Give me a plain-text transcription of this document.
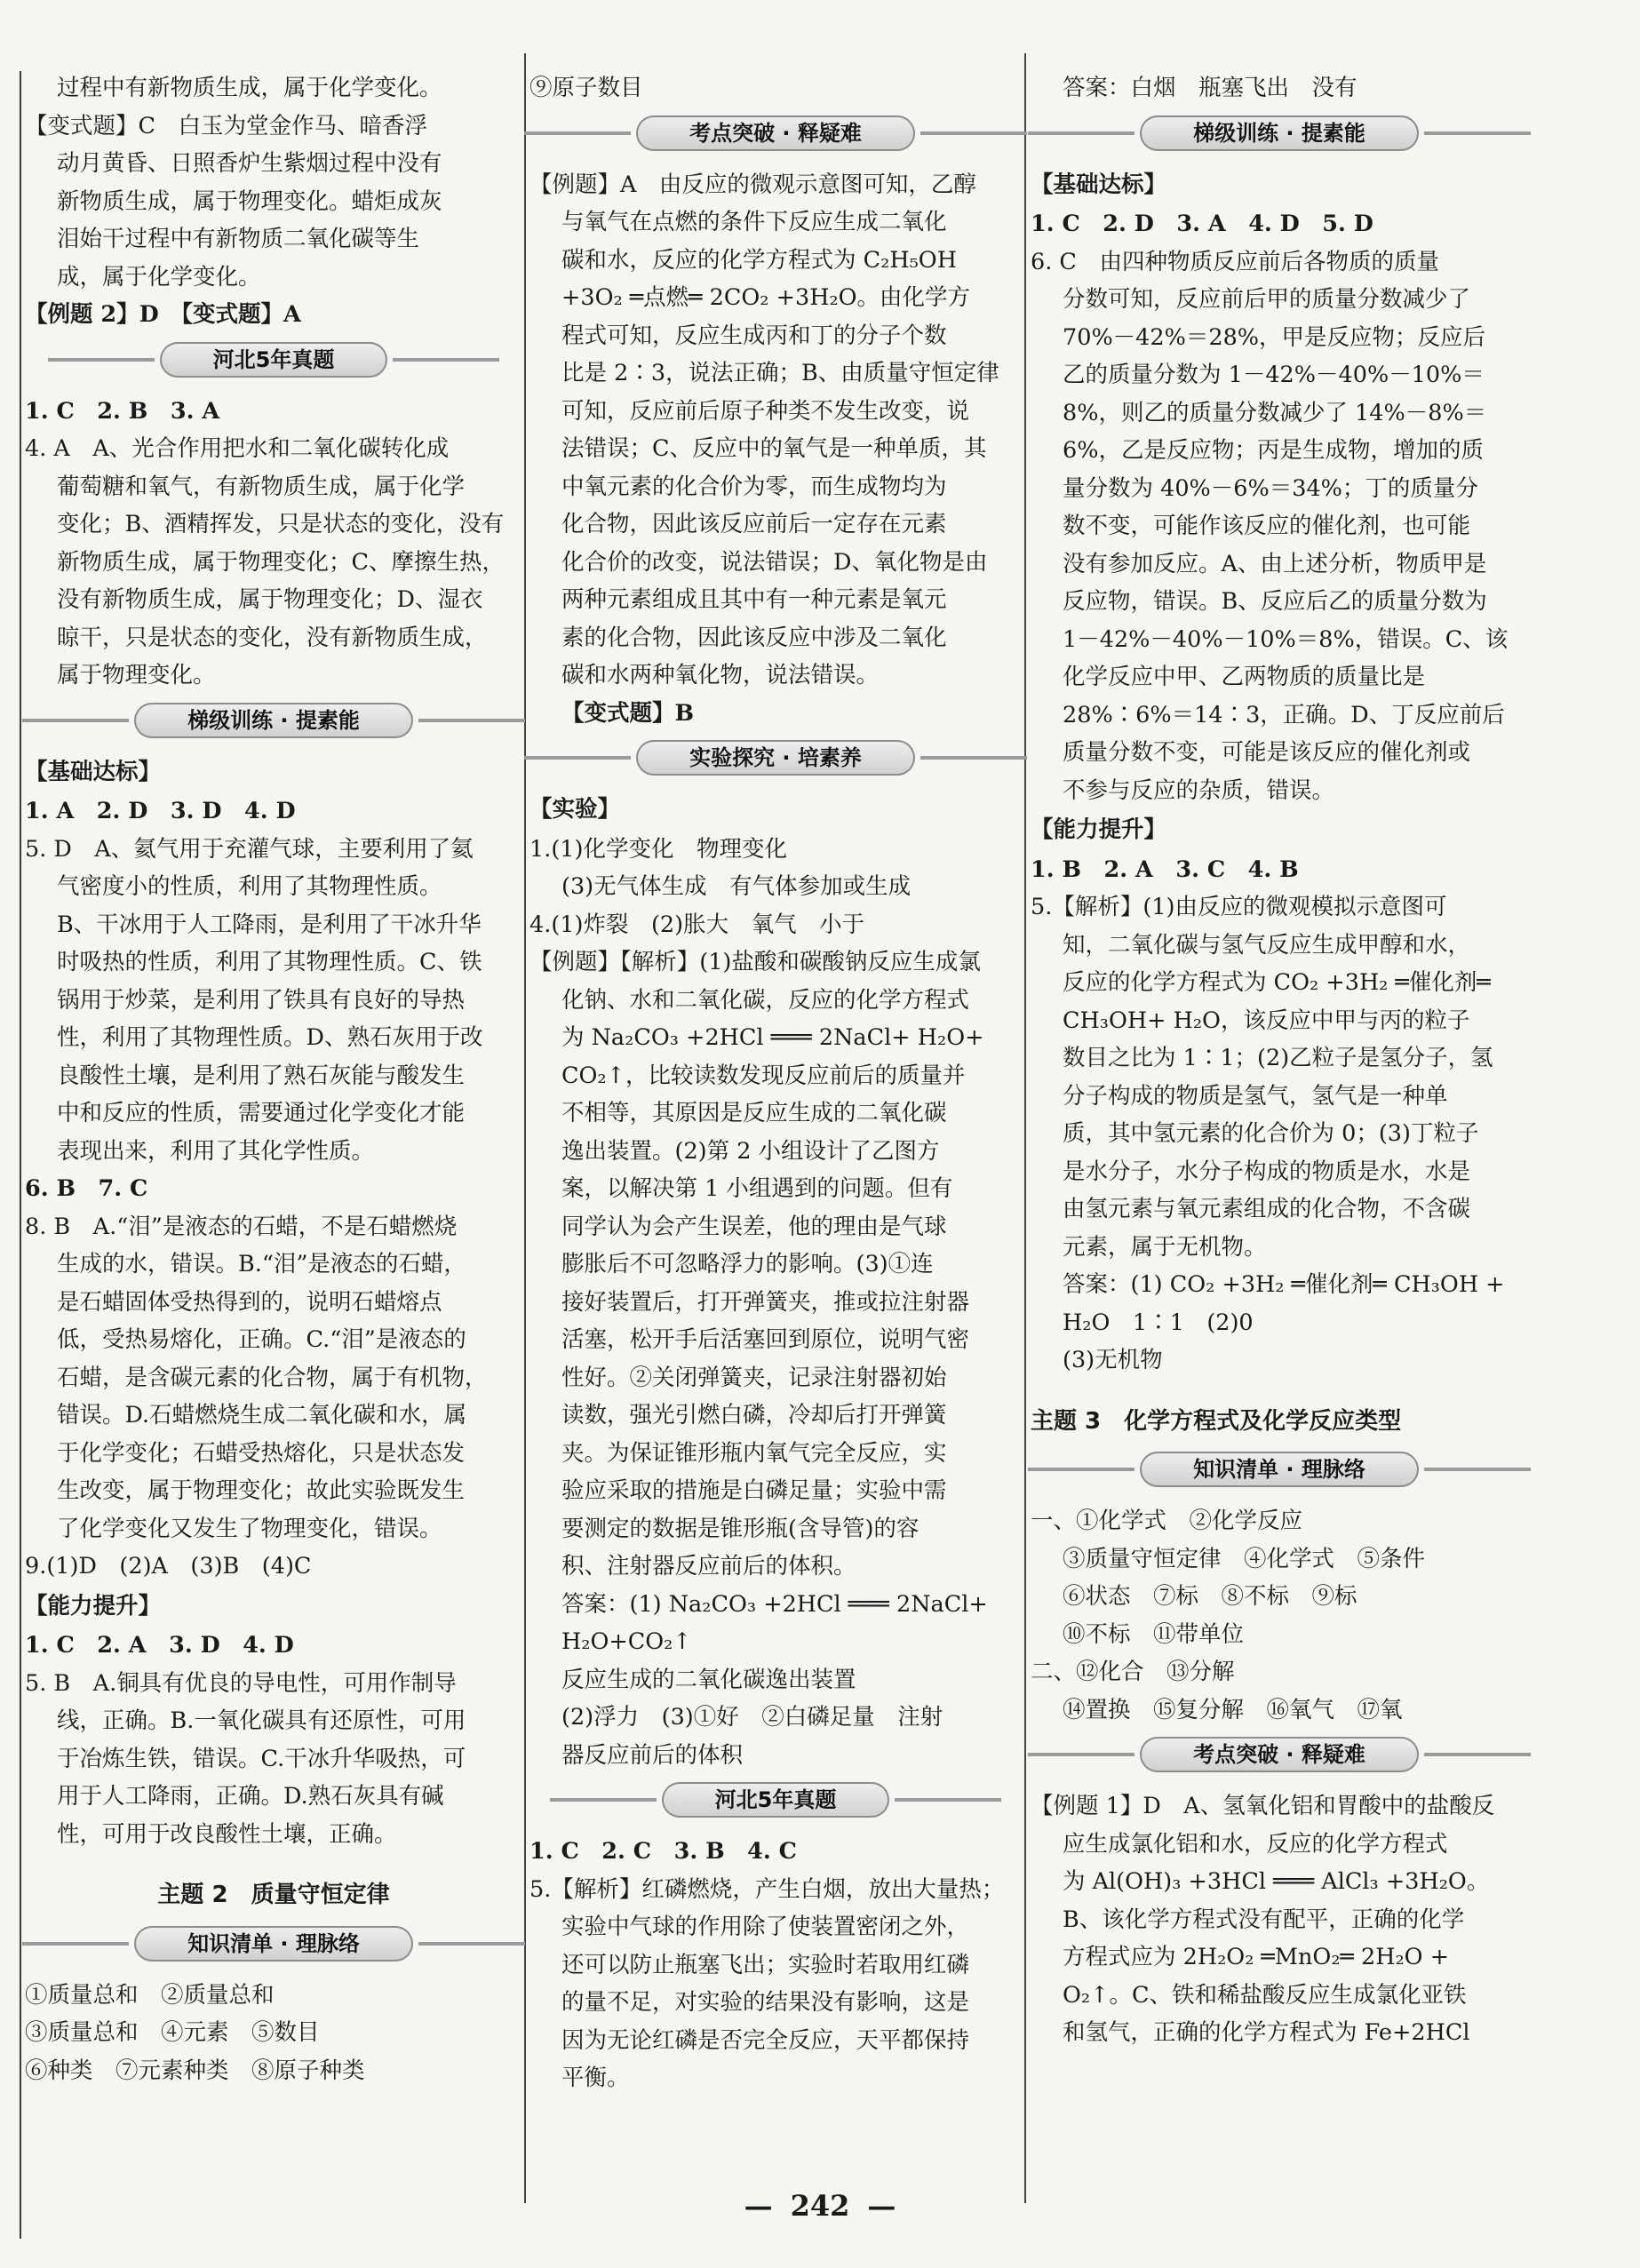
过程中有新物质生成，属于化学变化。

【变式题】C　白玉为堂金作马、暗香浮

动月黄昏、日照香炉生紫烟过程中没有

新物质生成，属于物理变化。蜡炬成灰

泪始干过程中有新物质二氧化碳等生

成，属于化学变化。

【例题 2】D　【变式题】A

河北5年真题

1. C　2. B　3. A

4. A　A、光合作用把水和二氧化碳转化成

葡萄糖和氧气，有新物质生成，属于化学

变化；B、酒精挥发，只是状态的变化，没有

新物质生成，属于物理变化；C、摩擦生热，

没有新物质生成，属于物理变化；D、湿衣

晾干，只是状态的变化，没有新物质生成，

属于物理变化。

梯级训练 · 提素能
【基础达标】

1. A　2. D　3. D　4. D

5. D　A、氦气用于充灌气球，主要利用了氦

气密度小的性质，利用了其物理性质。

B、干冰用于人工降雨，是利用了干冰升华

时吸热的性质，利用了其物理性质。C、铁

锅用于炒菜，是利用了铁具有良好的导热

性，利用了其物理性质。D、熟石灰用于改

良酸性土壤，是利用了熟石灰能与酸发生

中和反应的性质，需要通过化学变化才能

表现出来，利用了其化学性质。

6. B　7. C

8. B　A.“泪”是液态的石蜡，不是石蜡燃烧

生成的水，错误。B.“泪”是液态的石蜡，

是石蜡固体受热得到的，说明石蜡熔点

低，受热易熔化，正确。C.“泪”是液态的

石蜡，是含碳元素的化合物，属于有机物，

错误。D.石蜡燃烧生成二氧化碳和水，属

于化学变化；石蜡受热熔化，只是状态发

生改变，属于物理变化；故此实验既发生

了化学变化又发生了物理变化，错误。

9.(1)D　(2)A　(3)B　(4)C

【能力提升】

1. C　2. A　3. D　4. D

5. B　A.铜具有优良的导电性，可用作制导

线，正确。B.一氧化碳具有还原性，可用

于冶炼生铁，错误。C.干冰升华吸热，可

用于人工降雨，正确。D.熟石灰具有碱

性，可用于改良酸性土壤，正确。

主题 2　质量守恒定律
知识清单 · 理脉络

①质量总和　②质量总和

③质量总和　④元素　⑤数目

⑥种类　⑦元素种类　⑧原子种类

⑨原子数目

考点突破 · 释疑难

【例题】A　由反应的微观示意图可知，乙醇

与氧气在点燃的条件下反应生成二氧化

碳和水，反应的化学方程式为 C₂H₅OH

+3O₂ ═点燃═ 2CO₂ +3H₂O。由化学方

程式可知，反应生成丙和丁的分子个数

比是 2∶3，说法正确；B、由质量守恒定律

可知，反应前后原子种类不发生改变，说

法错误；C、反应中的氧气是一种单质，其

中氧元素的化合价为零，而生成物均为

化合物，因此该反应前后一定存在元素

化合价的改变，说法错误；D、氧化物是由

两种元素组成且其中有一种元素是氧元

素的化合物，因此该反应中涉及二氧化

碳和水两种氧化物，说法错误。

【变式题】B

实验探究 · 培素养
【实验】

1.(1)化学变化　物理变化

(3)无气体生成　有气体参加或生成

4.(1)炸裂　(2)胀大　氧气　小于

【例题】【解析】(1)盐酸和碳酸钠反应生成氯

化钠、水和二氧化碳，反应的化学方程式

为 Na₂CO₃ +2HCl ═══ 2NaCl+ H₂O+

CO₂↑，比较读数发现反应前后的质量并

不相等，其原因是反应生成的二氧化碳

逸出装置。(2)第 2 小组设计了乙图方

案，以解决第 1 小组遇到的问题。但有

同学认为会产生误差，他的理由是气球

膨胀后不可忽略浮力的影响。(3)①连

接好装置后，打开弹簧夹，推或拉注射器

活塞，松开手后活塞回到原位，说明气密

性好。②关闭弹簧夹，记录注射器初始

读数，强光引燃白磷，冷却后打开弹簧

夹。为保证锥形瓶内氧气完全反应，实

验应采取的措施是白磷足量；实验中需

要测定的数据是锥形瓶(含导管)的容

积、注射器反应前后的体积。

答案：(1) Na₂CO₃ +2HCl ═══ 2NaCl+

H₂O+CO₂↑

反应生成的二氧化碳逸出装置

(2)浮力　(3)①好　②白磷足量　注射

器反应前后的体积

河北5年真题

1. C　2. C　3. B　4. C

5.【解析】红磷燃烧，产生白烟，放出大量热；

实验中气球的作用除了使装置密闭之外，

还可以防止瓶塞飞出；实验时若取用红磷

的量不足，对实验的结果没有影响，这是

因为无论红磷是否完全反应，天平都保持

平衡。

答案：白烟　瓶塞飞出　没有

梯级训练 · 提素能
【基础达标】

1. C　2. D　3. A　4. D　5. D

6. C　由四种物质反应前后各物质的质量

分数可知，反应前后甲的质量分数减少了

70%－42%＝28%，甲是反应物；反应后

乙的质量分数为 1－42%－40%－10%＝

8%，则乙的质量分数减少了 14%－8%＝

6%，乙是反应物；丙是生成物，增加的质

量分数为 40%－6%＝34%；丁的质量分

数不变，可能作该反应的催化剂，也可能

没有参加反应。A、由上述分析，物质甲是

反应物，错误。B、反应后乙的质量分数为

1－42%－40%－10%＝8%，错误。C、该

化学反应中甲、乙两物质的质量比是

28%∶6%＝14∶3，正确。D、丁反应前后

质量分数不变，可能是该反应的催化剂或

不参与反应的杂质，错误。

【能力提升】

1. B　2. A　3. C　4. B

5.【解析】(1)由反应的微观模拟示意图可

知，二氧化碳与氢气反应生成甲醇和水，

反应的化学方程式为 CO₂ +3H₂ ═催化剂═

CH₃OH+ H₂O，该反应中甲与丙的粒子

数目之比为 1∶1；(2)乙粒子是氢分子，氢

分子构成的物质是氢气，氢气是一种单

质，其中氢元素的化合价为 0；(3)丁粒子

是水分子，水分子构成的物质是水，水是

由氢元素与氧元素组成的化合物，不含碳

元素，属于无机物。

答案：(1) CO₂ +3H₂ ═催化剂═ CH₃OH +

H₂O　1∶1　(2)0

(3)无机物

主题 3　化学方程式及化学反应类型
知识清单 · 理脉络

一、①化学式　②化学反应

③质量守恒定律　④化学式　⑤条件

⑥状态　⑦标　⑧不标　⑨标

⑩不标　⑪带单位

二、⑫化合　⑬分解

⑭置换　⑮复分解　⑯氧气　⑰氧

考点突破 · 释疑难

【例题 1】D　A、氢氧化铝和胃酸中的盐酸反

应生成氯化铝和水，反应的化学方程式

为 Al(OH)₃ +3HCl ═══ AlCl₃ +3H₂O。

B、该化学方程式没有配平，正确的化学

方程式应为 2H₂O₂ ═MnO₂═ 2H₂O +

O₂↑。C、铁和稀盐酸反应生成氯化亚铁

和氢气，正确的化学方程式为 Fe+2HCl

— 242 —
